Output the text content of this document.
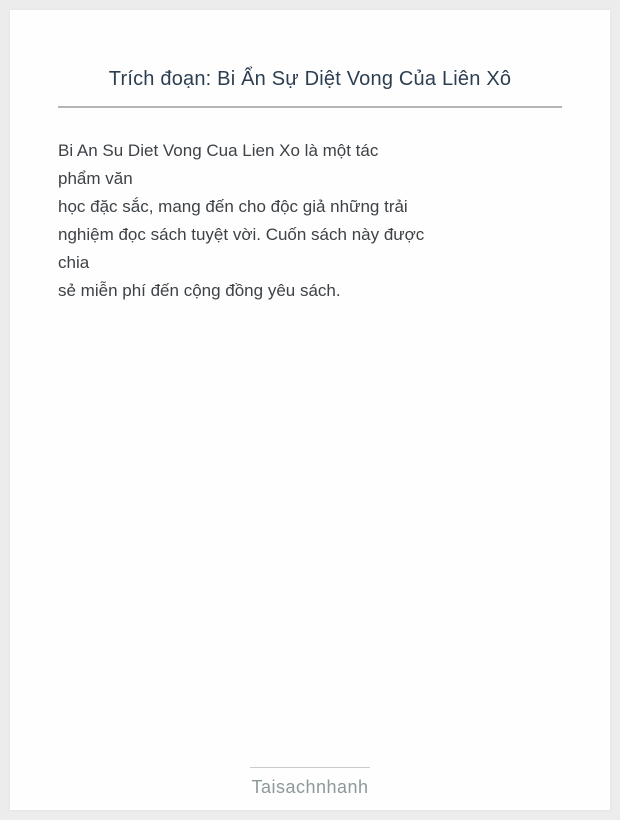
Trích đoạn: Bi Ẩn Sự Diệt Vong Của Liên Xô
Bi An Su Diet Vong Cua Lien Xo là một tác
phẩm văn
học đặc sắc, mang đến cho độc giả những trải
nghiệm đọc sách tuyệt vời. Cuốn sách này được
chia
sẻ miễn phí đến cộng đồng yêu sách.
Taisachnhanh
